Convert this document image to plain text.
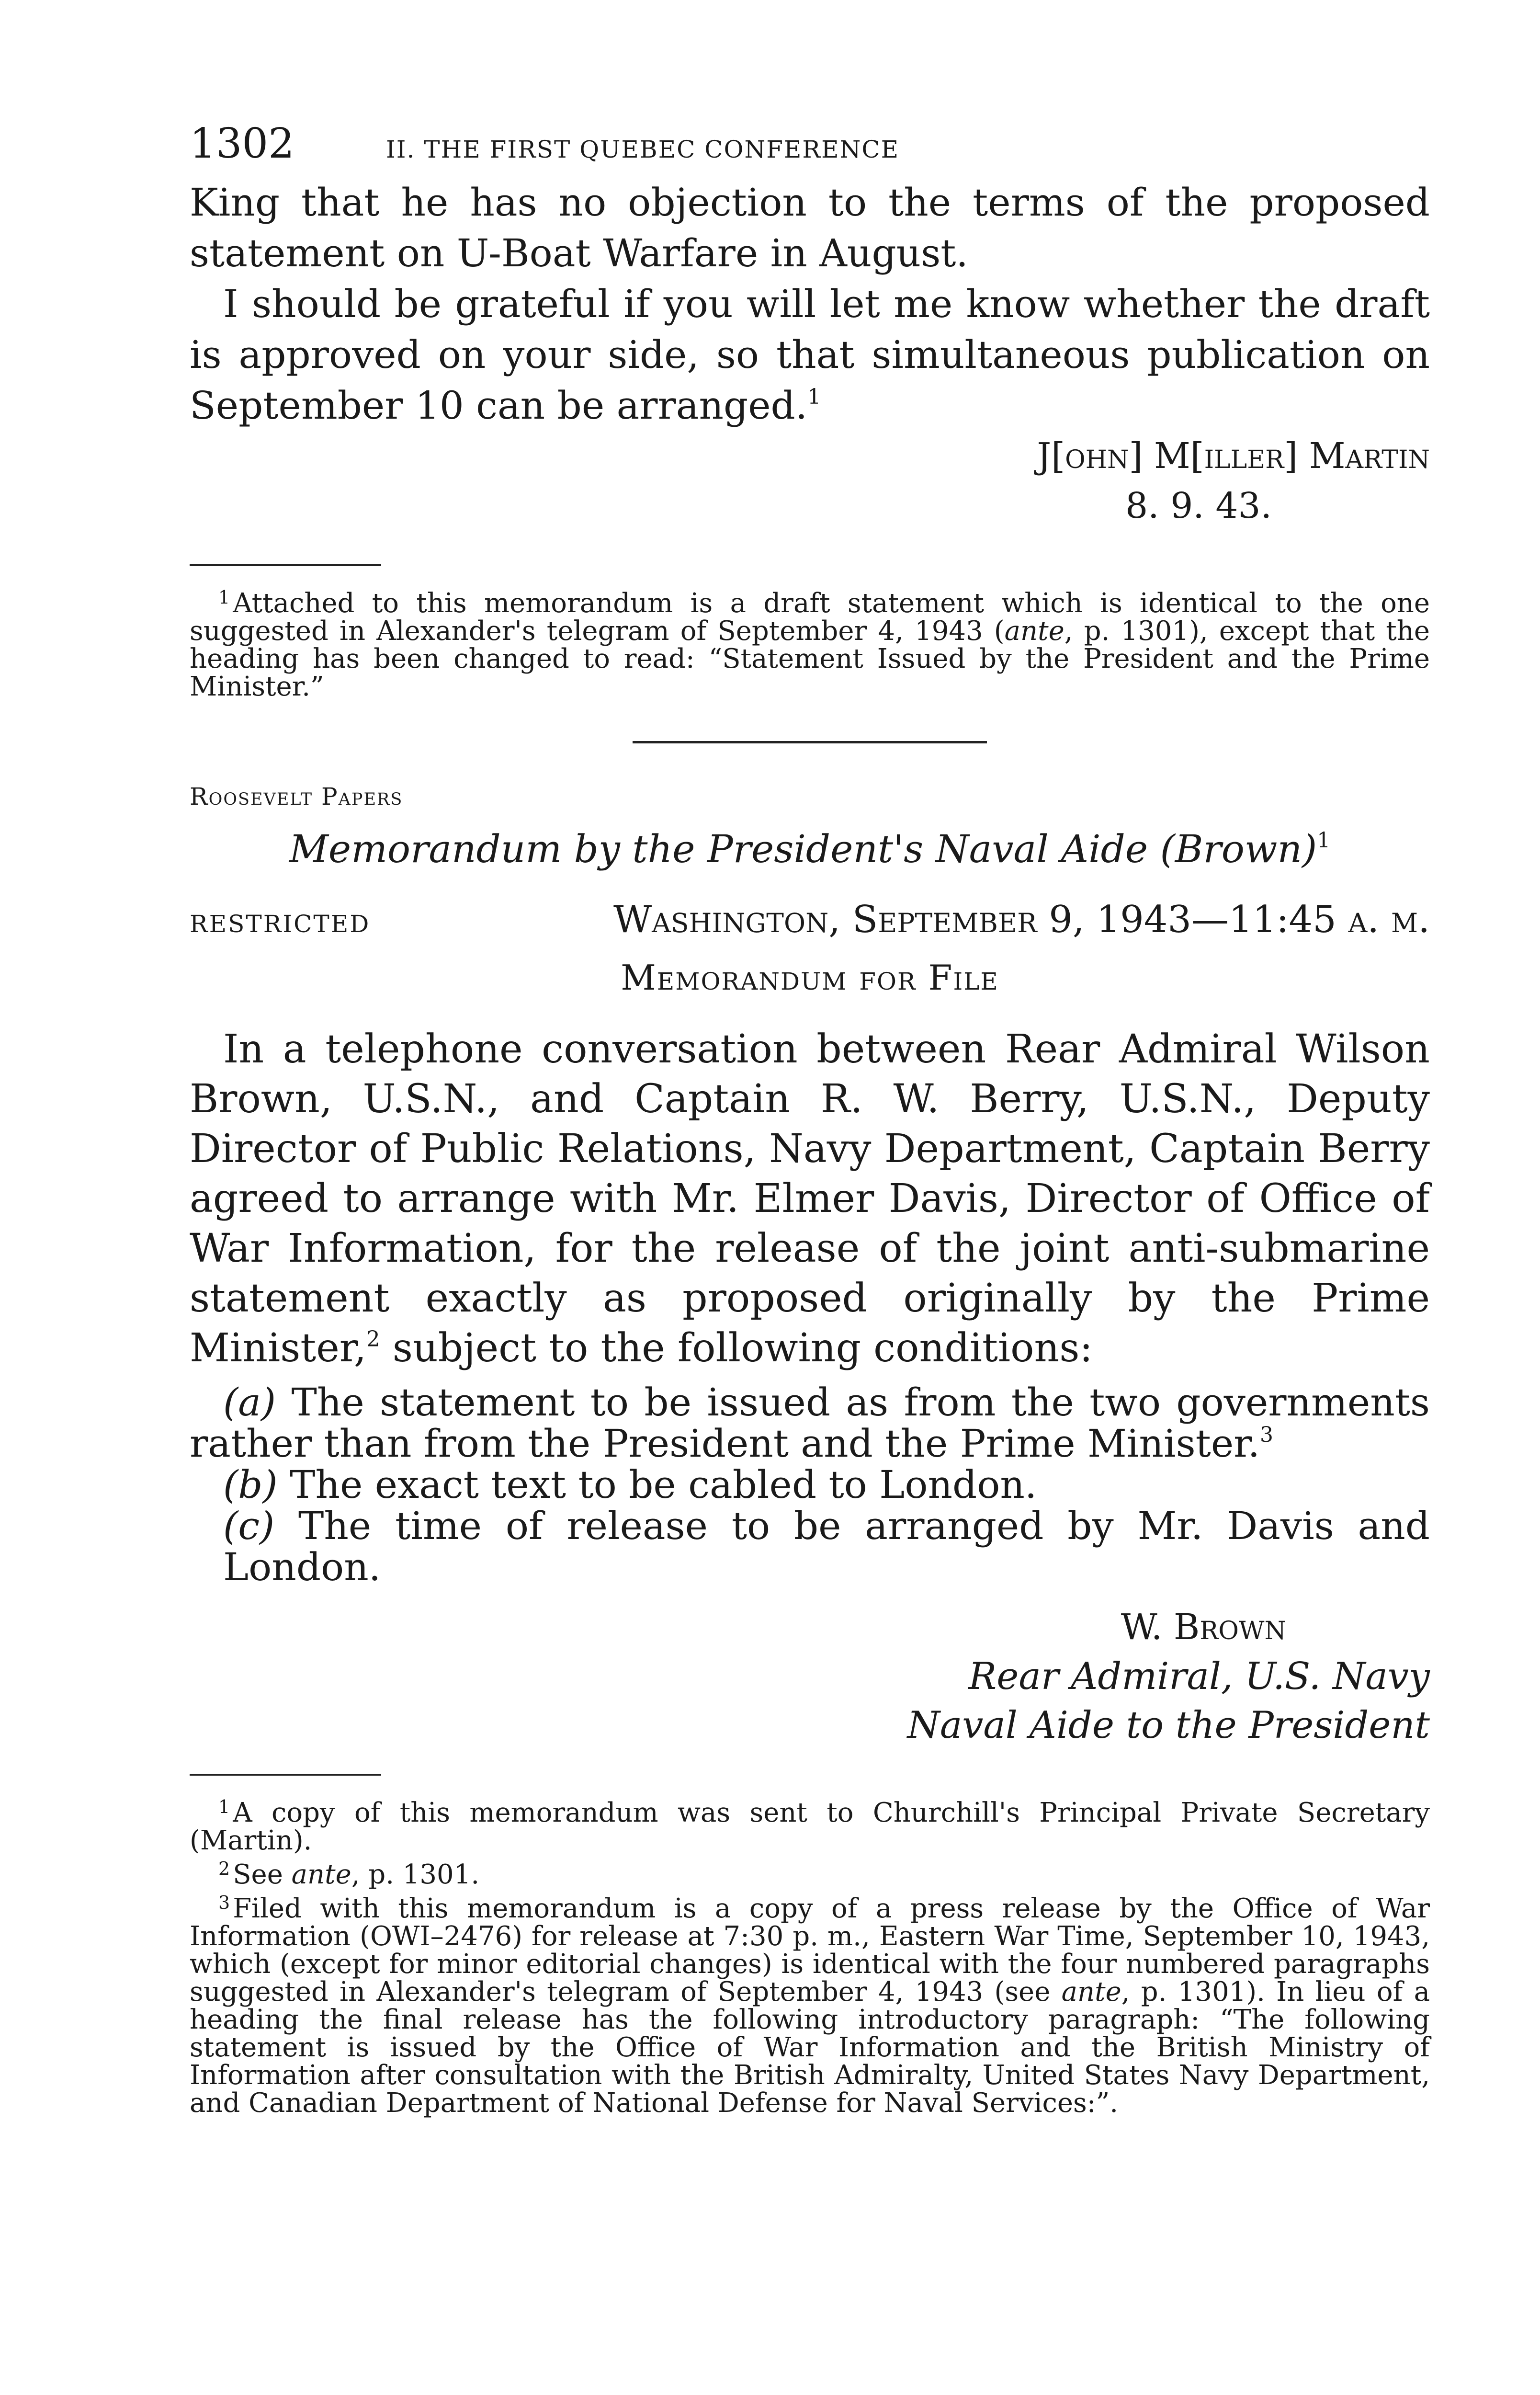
1302	II. THE FIRST QUEBEC CONFERENCE

King that he has no objection to the terms of the proposed statement on U-Boat Warfare in August.

I should be grateful if you will let me know whether the draft is approved on your side, so that simultaneous publication on September 10 can be arranged.$^1$

J[ohn] M[iller] Martin
8. 9. 43.

$^1$ Attached to this memorandum is a draft statement which is identical to the one suggested in Alexander's telegram of September 4, 1943 (ante, p. 1301), except that the heading has been changed to read: “Statement Issued by the President and the Prime Minister.”

Roosevelt Papers

Memorandum by the President's Naval Aide (Brown)$^1$

RESTRICTED	Washington, September 9, 1943—11:45 a. m.
Memorandum for File

In a telephone conversation between Rear Admiral Wilson Brown, U.S.N., and Captain R. W. Berry, U.S.N., Deputy Director of Public Relations, Navy Department, Captain Berry agreed to arrange with Mr. Elmer Davis, Director of Office of War Information, for the release of the joint anti-submarine statement exactly as proposed originally by the Prime Minister,$^2$ subject to the following conditions:

(a) The statement to be issued as from the two governments rather than from the President and the Prime Minister.$^3$

(b) The exact text to be cabled to London.

(c) The time of release to be arranged by Mr. Davis and London.

W. Brown
Rear Admiral, U.S. Navy
Naval Aide to the President

$^1$ A copy of this memorandum was sent to Churchill's Principal Private Secretary (Martin).

$^2$ See ante, p. 1301.

$^3$ Filed with this memorandum is a copy of a press release by the Office of War Information (OWI–2476) for release at 7:30 p. m., Eastern War Time, September 10, 1943, which (except for minor editorial changes) is identical with the four numbered paragraphs suggested in Alexander's telegram of September 4, 1943 (see ante, p. 1301). In lieu of a heading the final release has the following introductory paragraph: “The following statement is issued by the Office of War Information and the British Ministry of Information after consultation with the British Admiralty, United States Navy Department, and Canadian Department of National Defense for Naval Services:”.
